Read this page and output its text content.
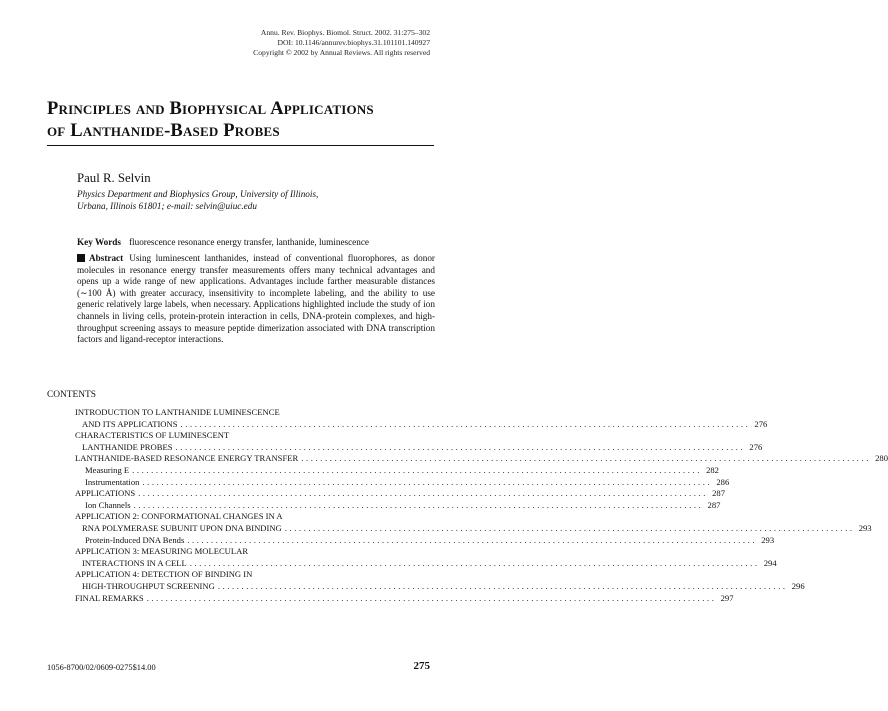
Annu. Rev. Biophys. Biomol. Struct. 2002. 31:275–302
DOI: 10.1146/annurev.biophys.31.101101.140927
Copyright © 2002 by Annual Reviews. All rights reserved
Principles and Biophysical Applications
of Lanthanide-Based Probes
Paul R. Selvin
Physics Department and Biophysics Group, University of Illinois,
Urbana, Illinois 61801; e-mail: selvin@uiuc.edu
Key Words fluorescence resonance energy transfer, lanthanide, luminescence
Abstract Using luminescent lanthanides, instead of conventional fluorophores, as donor molecules in resonance energy transfer measurements offers many technical advantages and opens up a wide range of new applications. Advantages include farther measurable distances (∼100 Å) with greater accuracy, insensitivity to incomplete labeling, and the ability to use generic relatively large labels, when necessary. Applications highlighted include the study of ion channels in living cells, protein-protein interaction in cells, DNA-protein complexes, and high-throughput screening assays to measure peptide dimerization associated with DNA transcription factors and ligand-receptor interactions.
CONTENTS
INTRODUCTION TO LANTHANIDE LUMINESCENCE
AND ITS APPLICATIONS ........................................................................................................................ 276
CHARACTERISTICS OF LUMINESCENT
LANTHANIDE PROBES ........................................................................................................................ 276
LANTHANIDE-BASED RESONANCE ENERGY TRANSFER ........................................................................................................................ 280
Measuring E ........................................................................................................................ 282
Instrumentation ........................................................................................................................ 286
APPLICATIONS ........................................................................................................................ 287
Ion Channels ........................................................................................................................ 287
APPLICATION 2: CONFORMATIONAL CHANGES IN A
RNA POLYMERASE SUBUNIT UPON DNA BINDING ........................................................................................................................ 293
Protein-Induced DNA Bends ........................................................................................................................ 293
APPLICATION 3: MEASURING MOLECULAR
INTERACTIONS IN A CELL ........................................................................................................................ 294
APPLICATION 4: DETECTION OF BINDING IN
HIGH-THROUGHPUT SCREENING ........................................................................................................................ 296
FINAL REMARKS ........................................................................................................................ 297
1056-8700/02/0609-0275$14.00	275
